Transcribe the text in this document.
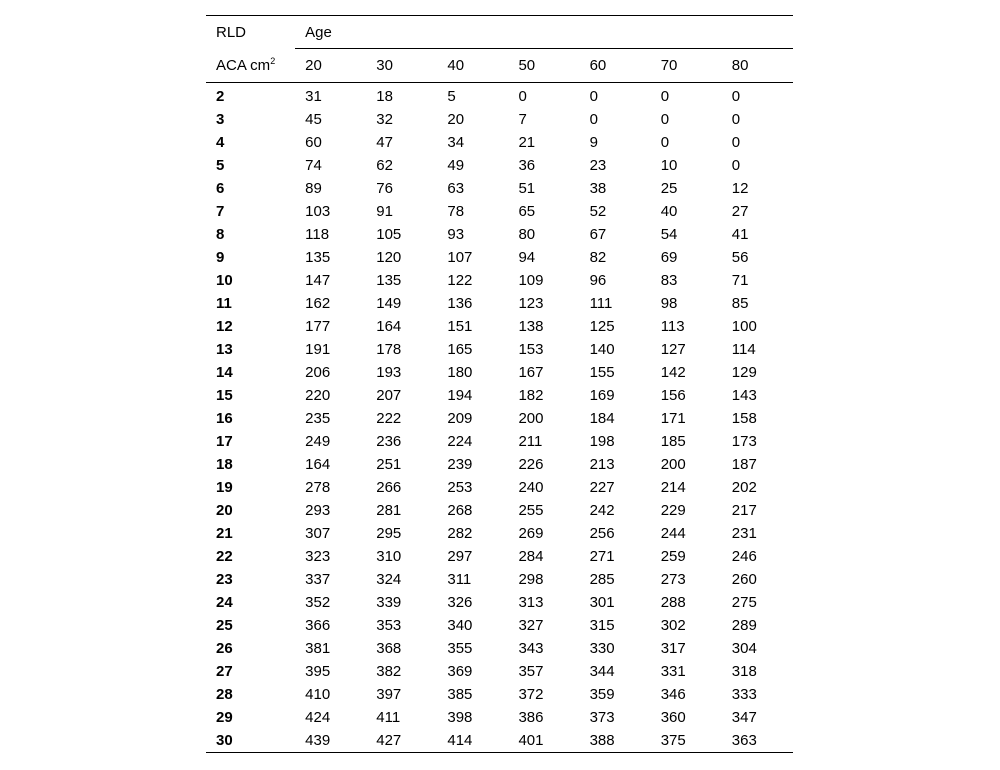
RLD	Age						
ACA $cm^2$	20	30	40	50	60	70	80
2	31	18	5	0	0	0	0
3	45	32	20	7	0	0	0
4	60	47	34	21	9	0	0
5	74	62	49	36	23	10	0
6	89	76	63	51	38	25	12
7	103	91	78	65	52	40	27
8	118	105	93	80	67	54	41
9	135	120	107	94	82	69	56
10	147	135	122	109	96	83	71
11	162	149	136	123	111	98	85
12	177	164	151	138	125	113	100
13	191	178	165	153	140	127	114
14	206	193	180	167	155	142	129
15	220	207	194	182	169	156	143
16	235	222	209	200	184	171	158
17	249	236	224	211	198	185	173
18	164	251	239	226	213	200	187
19	278	266	253	240	227	214	202
20	293	281	268	255	242	229	217
21	307	295	282	269	256	244	231
22	323	310	297	284	271	259	246
23	337	324	311	298	285	273	260
24	352	339	326	313	301	288	275
25	366	353	340	327	315	302	289
26	381	368	355	343	330	317	304
27	395	382	369	357	344	331	318
28	410	397	385	372	359	346	333
29	424	411	398	386	373	360	347
30	439	427	414	401	388	375	363
